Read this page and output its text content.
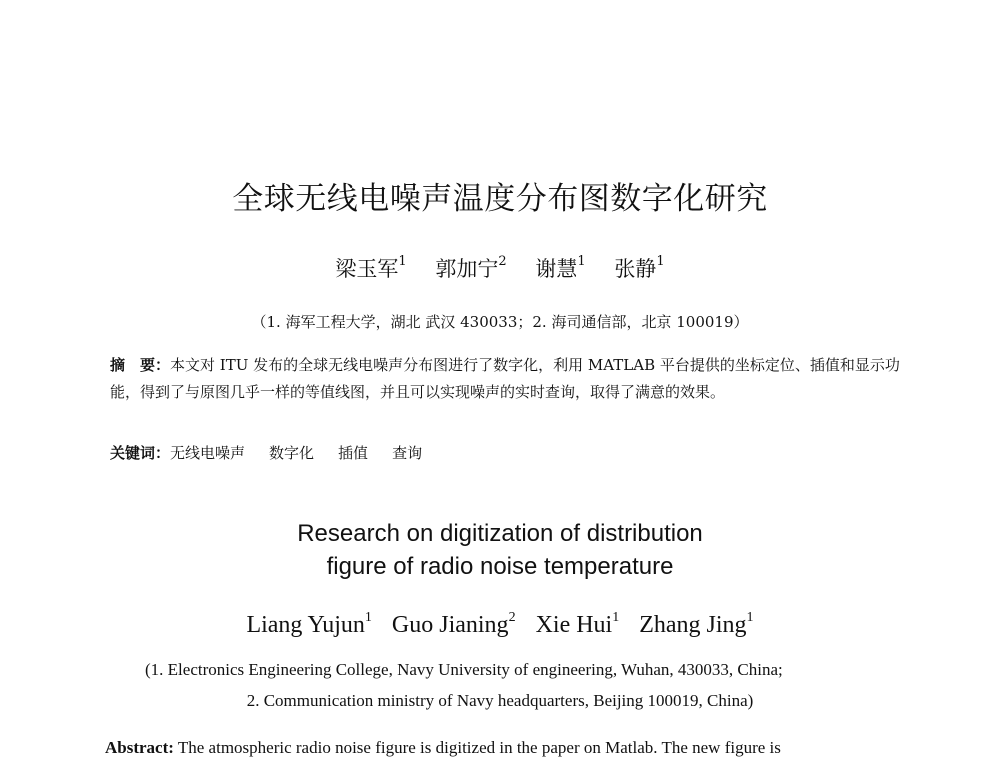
全球无线电噪声温度分布图数字化研究
梁玉军$^1$ 郭加宁$^2$ 谢慧$^1$ 张静$^1$
（1. 海军工程大学，湖北 武汉 430033；2. 海司通信部，北京 100019）
摘　要：本文对 ITU 发布的全球无线电噪声分布图进行了数字化，利用 MATLAB 平台提供的坐标定位、插值和显示功能，得到了与原图几乎一样的等值线图，并且可以实现噪声的实时查询，取得了满意的效果。
关键词：无线电噪声 数字化 插值 查询
Research on digitization of distribution
figure of radio noise temperature
Liang Yujun$^1$ Guo Jianing$^2$ Xie Hui$^1$ Zhang Jing$^1$
(1. Electronics Engineering College, Navy University of engineering, Wuhan, 430033, China;
2. Communication ministry of Navy headquarters, Beijing 100019, China)
Abstract: The atmospheric radio noise figure is digitized in the paper on Matlab. The new figure is
